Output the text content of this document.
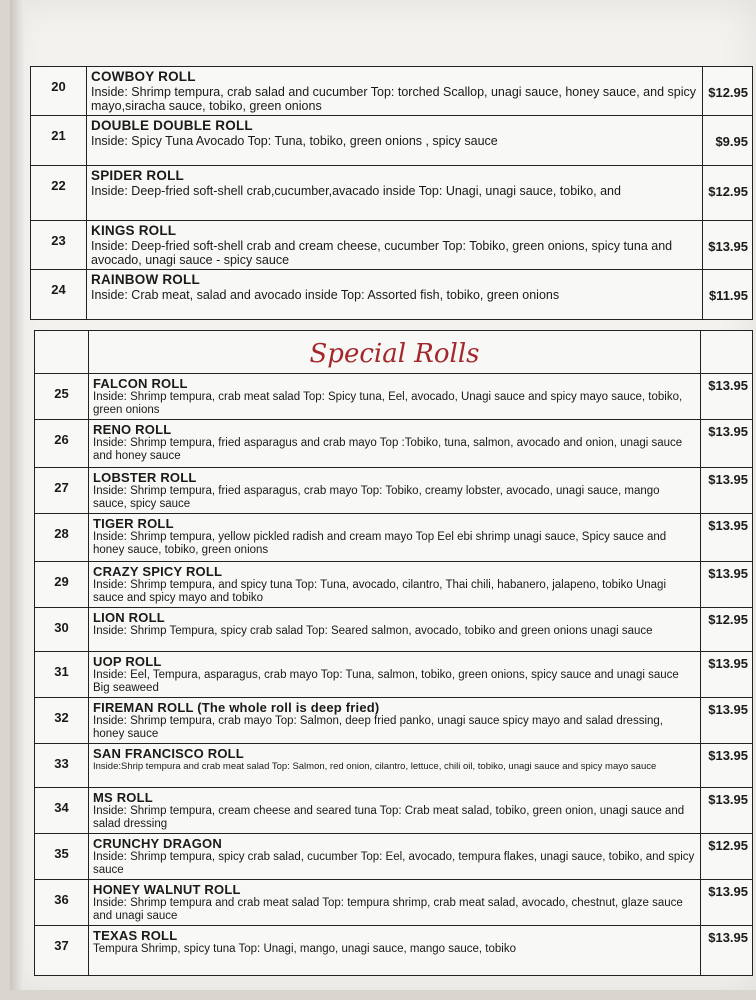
20	COWBOY ROLL
Inside: Shrimp tempura, crab salad and cucumber Top: torched Scallop, unagi sauce, honey sauce, and spicy mayo,siracha sauce, tobiko, green onions	$12.95
21	DOUBLE DOUBLE ROLL
Inside: Spicy Tuna Avocado Top: Tuna, tobiko, green onions , spicy sauce	$9.95
22	SPIDER ROLL
Inside: Deep-fried soft-shell crab,cucumber,avacado inside Top: Unagi, unagi sauce, tobiko, and	$12.95
23	KINGS ROLL
Inside: Deep-fried soft-shell crab and cream cheese, cucumber Top: Tobiko, green onions, spicy tuna and avocado, unagi sauce - spicy sauce	$13.95
24	RAINBOW ROLL
Inside: Crab meat, salad and avocado inside Top: Assorted fish, tobiko, green onions	$11.95
	Special Rolls	
25	FALCON ROLL
Inside: Shrimp tempura, crab meat salad Top: Spicy tuna, Eel, avocado, Unagi sauce and spicy mayo sauce, tobiko, green onions	$13.95
26	RENO ROLL
Inside: Shrimp tempura, fried asparagus and crab mayo Top :Tobiko, tuna, salmon, avocado and onion, unagi sauce and honey sauce	$13.95
27	LOBSTER ROLL
Inside: Shrimp tempura, fried asparagus, crab mayo Top: Tobiko, creamy lobster, avocado, unagi sauce, mango sauce, spicy sauce	$13.95
28	TIGER ROLL
Inside: Shrimp tempura, yellow pickled radish and cream mayo Top Eel ebi shrimp unagi sauce, Spicy sauce and honey sauce, tobiko, green onions	$13.95
29	CRAZY SPICY ROLL
Inside: Shrimp tempura, and spicy tuna Top: Tuna, avocado, cilantro, Thai chili, habanero, jalapeno, tobiko Unagi sauce and spicy mayo and tobiko	$13.95
30	LION ROLL
Inside: Shrimp Tempura, spicy crab salad Top: Seared salmon, avocado, tobiko and green onions unagi sauce	$12.95
31	UOP ROLL
Inside: Eel, Tempura, asparagus, crab mayo Top: Tuna, salmon, tobiko, green onions, spicy sauce and unagi sauce Big seaweed	$13.95
32	FIREMAN ROLL (The whole roll is deep fried)
Inside: Shrimp tempura, crab mayo Top: Salmon, deep fried panko, unagi sauce spicy mayo and salad dressing, honey sauce	$13.95
33	SAN FRANCISCO ROLL
Inside:Shrip tempura and crab meat salad Top: Salmon, red onion, cilantro, lettuce, chili oil, tobiko, unagi sauce and spicy mayo sauce	$13.95
34	MS ROLL
Inside: Shrimp tempura, cream cheese and seared tuna Top: Crab meat salad, tobiko, green onion, unagi sauce and salad dressing	$13.95
35	CRUNCHY DRAGON
Inside: Shrimp tempura, spicy crab salad, cucumber Top: Eel, avocado, tempura flakes, unagi sauce, tobiko, and spicy sauce	$12.95
36	HONEY WALNUT ROLL
Inside: Shrimp tempura and crab meat salad Top: tempura shrimp, crab meat salad, avocado, chestnut, glaze sauce and unagi sauce	$13.95
37	TEXAS ROLL
Tempura Shrimp, spicy tuna Top: Unagi, mango, unagi sauce, mango sauce, tobiko	$13.95
